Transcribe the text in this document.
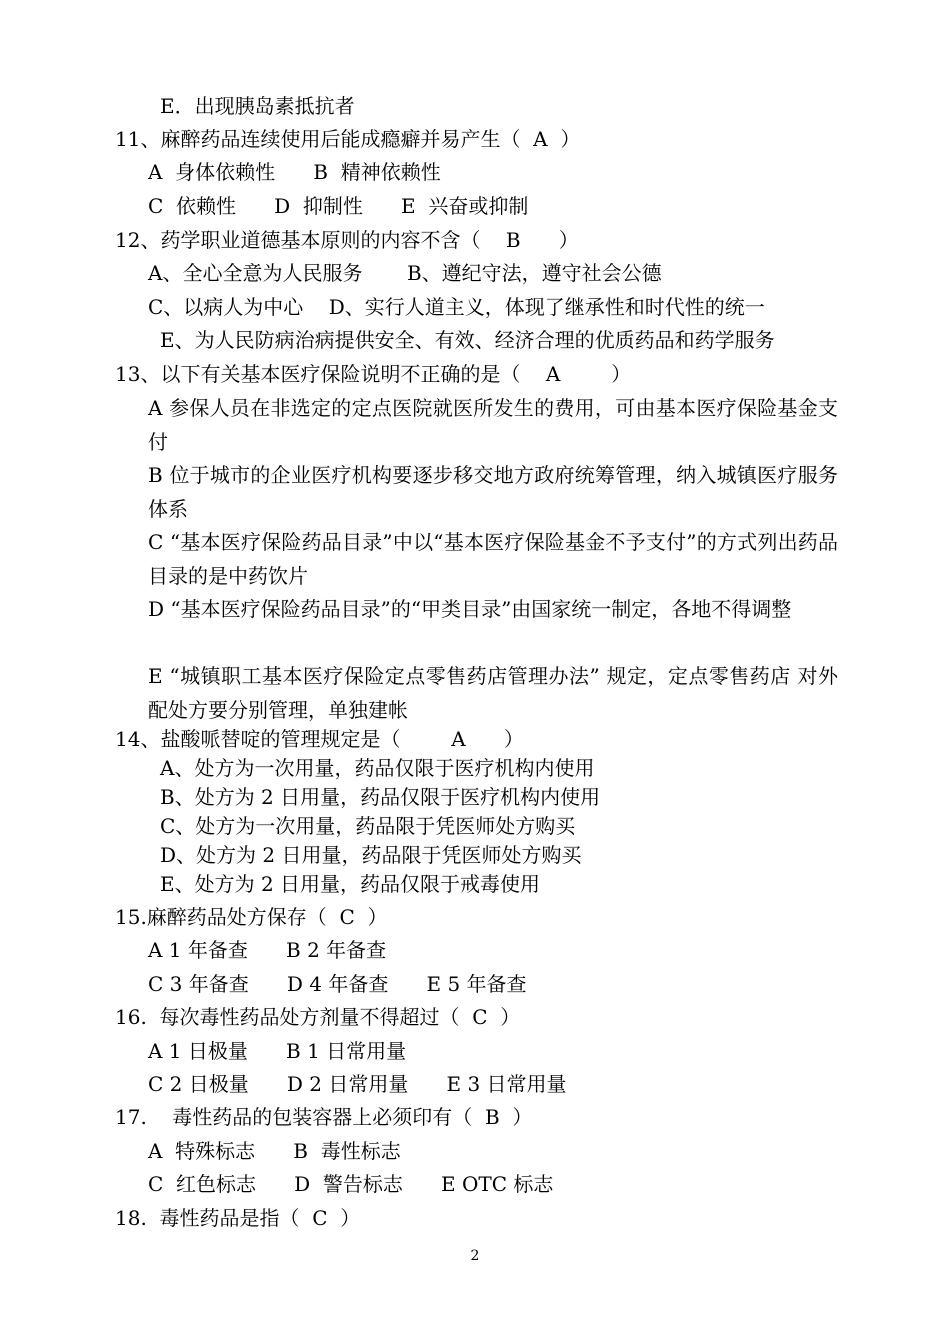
E．出现胰岛素抵抗者
11、麻醉药品连续使用后能成瘾癖并易产生（  A  ）
A  身体依赖性      B  精神依赖性
C  依赖性      D  抑制性      E  兴奋或抑制
12、药学职业道德基本原则的内容不含（    B      ）
A、全心全意为人民服务       B、遵纪守法，遵守社会公德
C、以病人为中心    D、实行人道主义，体现了继承性和时代性的统一
E、为人民防病治病提供安全、有效、经济合理的优质药品和药学服务
13、以下有关基本医疗保险说明不正确的是（    A        ）
A 参保人员在非选定的定点医院就医所发生的费用，可由基本医疗保险基金支付
B 位于城市的企业医疗机构要逐步移交地方政府统筹管理，纳入城镇医疗服务体系
C “基本医疗保险药品目录”中以“基本医疗保险基金不予支付”的方式列出药品目录的是中药饮片
D “基本医疗保险药品目录”的“甲类目录”由国家统一制定，各地不得调整
E “城镇职工基本医疗保险定点零售药店管理办法” 规定，定点零售药店 对外配处方要分别管理，单独建帐
14、盐酸哌替啶的管理规定是（        A      ）
A、处方为一次用量，药品仅限于医疗机构内使用
B、处方为 2 日用量，药品仅限于医疗机构内使用
C、处方为一次用量，药品限于凭医师处方购买
D、处方为 2 日用量，药品限于凭医师处方购买
E、处方为 2 日用量，药品仅限于戒毒使用
15.麻醉药品处方保存（  C  ）
A 1 年备查      B 2 年备查
C 3 年备查      D 4 年备查      E 5 年备查
16.  每次毒性药品处方剂量不得超过（  C  ）
A 1 日极量      B 1 日常用量
C 2 日极量      D 2 日常用量      E 3 日常用量
17.    毒性药品的包装容器上必须印有（  B  ）
A  特殊标志      B  毒性标志
C  红色标志      D  警告标志      E OTC 标志
18.  毒性药品是指（  C  ）
2
